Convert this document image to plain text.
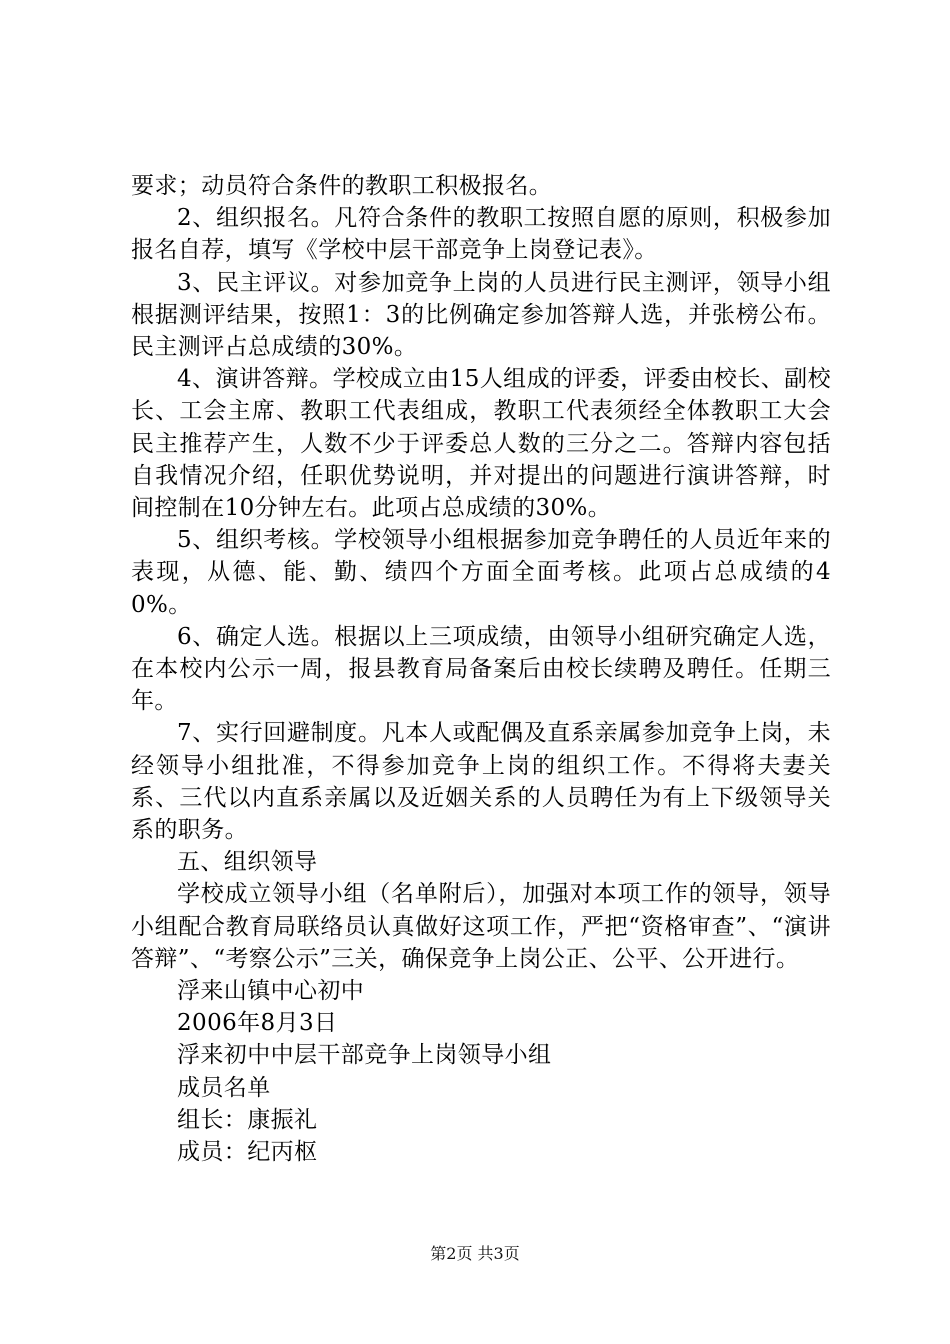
要求；动员符合条件的教职工积极报名。

2、组织报名。凡符合条件的教职工按照自愿的原则，积极参加报名自荐，填写《学校中层干部竞争上岗登记表》。

3、民主评议。对参加竞争上岗的人员进行民主测评，领导小组根据测评结果，按照1：3的比例确定参加答辩人选，并张榜公布。民主测评占总成绩的30%。

4、演讲答辩。学校成立由15人组成的评委，评委由校长、副校长、工会主席、教职工代表组成，教职工代表须经全体教职工大会民主推荐产生，人数不少于评委总人数的三分之二。答辩内容包括自我情况介绍，任职优势说明，并对提出的问题进行演讲答辩，时间控制在10分钟左右。此项占总成绩的30%。

5、组织考核。学校领导小组根据参加竞争聘任的人员近年来的表现，从德、能、勤、绩四个方面全面考核。此项占总成绩的40%。

6、确定人选。根据以上三项成绩，由领导小组研究确定人选，在本校内公示一周，报县教育局备案后由校长续聘及聘任。任期三年。

7、实行回避制度。凡本人或配偶及直系亲属参加竞争上岗，未经领导小组批准，不得参加竞争上岗的组织工作。不得将夫妻关系、三代以内直系亲属以及近姻关系的人员聘任为有上下级领导关系的职务。

五、组织领导

学校成立领导小组（名单附后），加强对本项工作的领导，领导小组配合教育局联络员认真做好这项工作，严把“资格审查”、“演讲答辩”、“考察公示”三关，确保竞争上岗公正、公平、公开进行。

浮来山镇中心初中

2006年8月3日

浮来初中中层干部竞争上岗领导小组

成员名单

组长：康振礼

成员：纪丙枢

第2页 共3页
